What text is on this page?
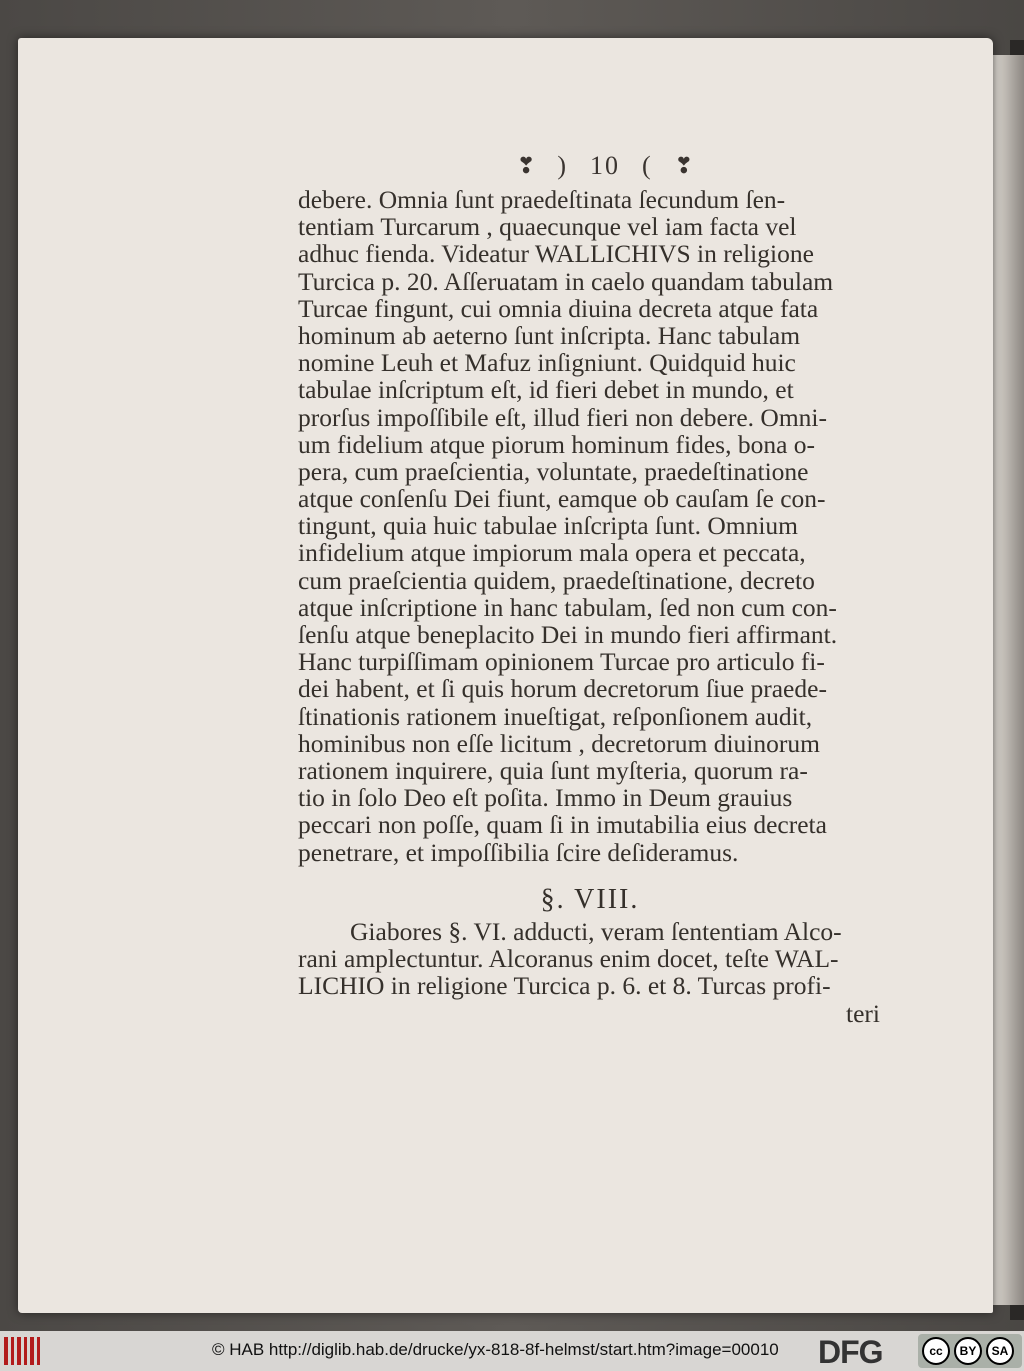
❣ ) 10 ( ❣
debere. Omnia ſunt praedeſtinata ſecundum ſen-
tentiam Turcarum , quaecunque vel iam facta vel
adhuc fienda. Videatur WALLICHIVS in religione
Turcica p. 20. Aſſeruatam in caelo quandam tabulam
Turcae fingunt, cui omnia diuina decreta atque fata
hominum ab aeterno ſunt inſcripta. Hanc tabulam
nomine Leuh et Mafuz inſigniunt. Quidquid huic
tabulae inſcriptum eſt, id fieri debet in mundo, et
prorſus impoſſibile eſt, illud fieri non debere. Omni-
um fidelium atque piorum hominum fides, bona o-
pera, cum praeſcientia, voluntate, praedeſtinatione
atque conſenſu Dei fiunt, eamque ob cauſam ſe con-
tingunt, quia huic tabulae inſcripta ſunt. Omnium
infidelium atque impiorum mala opera et peccata,
cum praeſcientia quidem, praedeſtinatione, decreto
atque inſcriptione in hanc tabulam, ſed non cum con-
ſenſu atque beneplacito Dei in mundo fieri affirmant.
Hanc turpiſſimam opinionem Turcae pro articulo fi-
dei habent, et ſi quis horum decretorum ſiue praede-
ſtinationis rationem inueſtigat, reſponſionem audit,
hominibus non eſſe licitum , decretorum diuinorum
rationem inquirere, quia ſunt myſteria, quorum ra-
tio in ſolo Deo eſt poſita. Immo in Deum grauius
peccari non poſſe, quam ſi in imutabilia eius decreta
penetrare, et impoſſibilia ſcire deſideramus.
§. VIII.
Giabores §. VI. adducti, veram ſententiam Alco-
rani amplectuntur. Alcoranus enim docet, teſte WAL-
LICHIO in religione Turcica p. 6. et 8. Turcas profi-
teri
© HAB http://diglib.hab.de/drucke/yx-818-8f-helmst/start.htm?image=00010 DFG	cc	BY	SA
